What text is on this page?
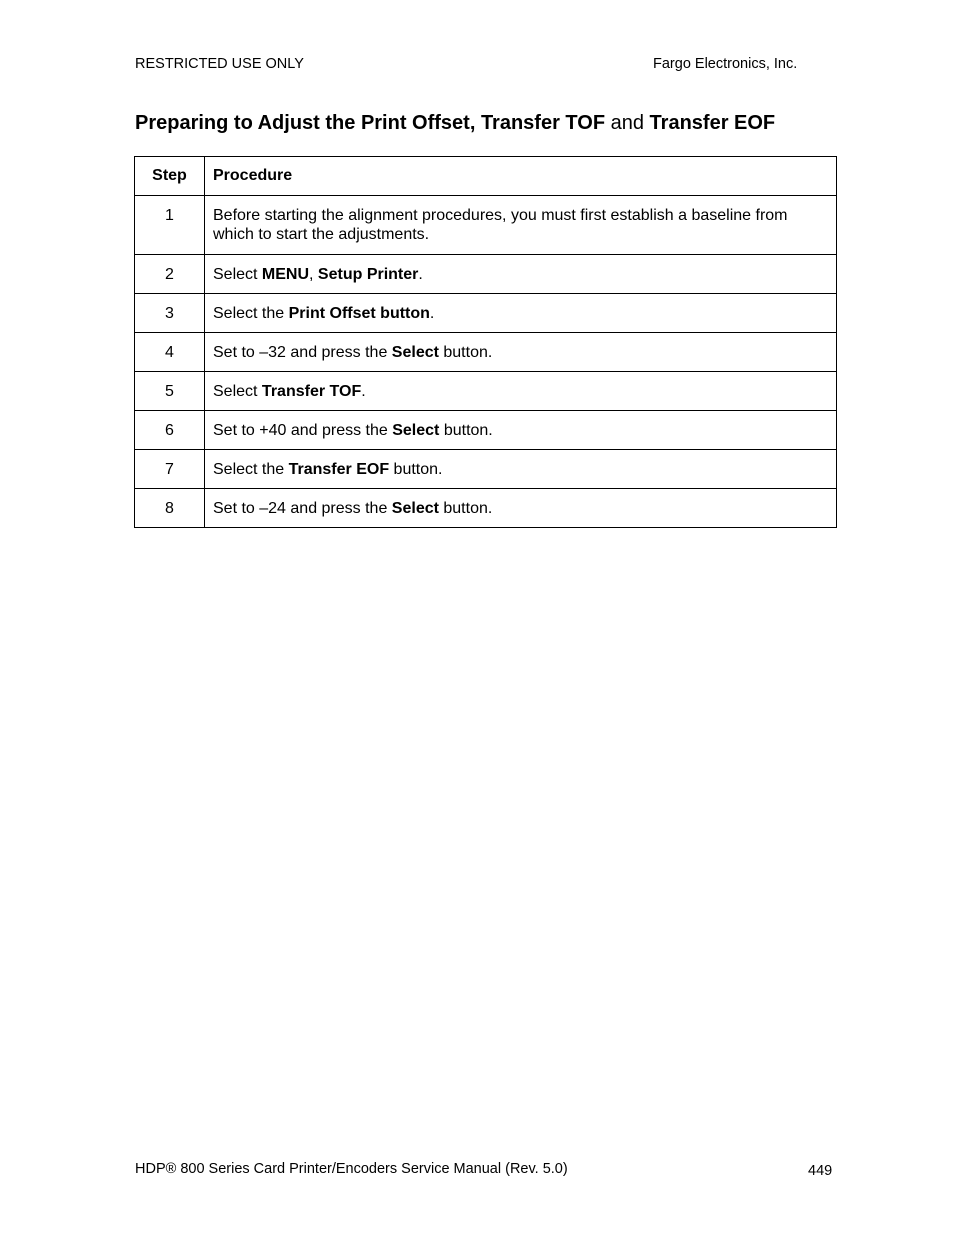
RESTRICTED USE ONLY	Fargo Electronics, Inc.
Preparing to Adjust the Print Offset, Transfer TOF and Transfer EOF
Step	Procedure

1	Before starting the alignment procedures, you must first establish a baseline from which to start the adjustments.

2	Select MENU, Setup Printer.

3	Select the Print Offset button.

4	Set to –32 and press the Select button.

5	Select Transfer TOF.

6	Set to +40 and press the Select button.

7	Select the Transfer EOF button.

8	Set to –24 and press the Select button.
HDP® 800 Series Card Printer/Encoders Service Manual (Rev. 5.0)	449
